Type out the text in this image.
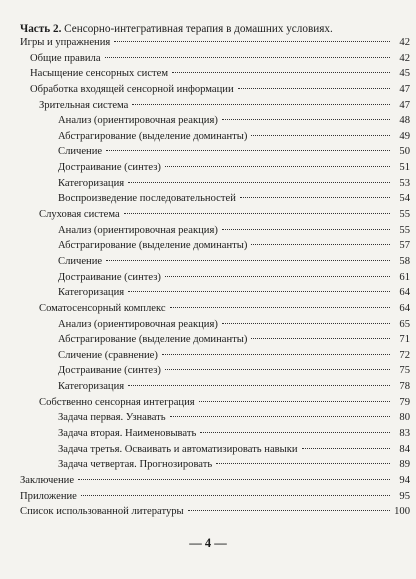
Часть 2. Сенсорно-интегративная терапия в домашних условиях.
Игры и упражнения	42
Общие правила	42
Насыщение сенсорных систем	45
Обработка входящей сенсорной информации	47
Зрительная система	47
Анализ (ориентировочная реакция)	48
Абстрагирование (выделение доминанты)	49
Сличение	50
Достраивание (синтез)	51
Категоризация	53
Воспроизведение последовательностей	54
Слуховая система	55
Анализ (ориентировочная реакция)	55
Абстрагирование (выделение доминанты)	57
Сличение	58
Достраивание (синтез)	61
Категоризация	64
Соматосенсорный комплекс	64
Анализ (ориентировочная реакция)	65
Абстрагирование (выделение доминанты)	71
Сличение (сравнение)	72
Достраивание (синтез)	75
Категоризация	78
Собственно сенсорная интеграция	79
Задача первая. Узнавать	80
Задача вторая. Наименовывать	83
Задача третья. Осваивать и автоматизировать навыки	84
Задача четвертая. Прогнозировать	89
Заключение	94
Приложение	95
Список использованной литературы	100
— 4 —
